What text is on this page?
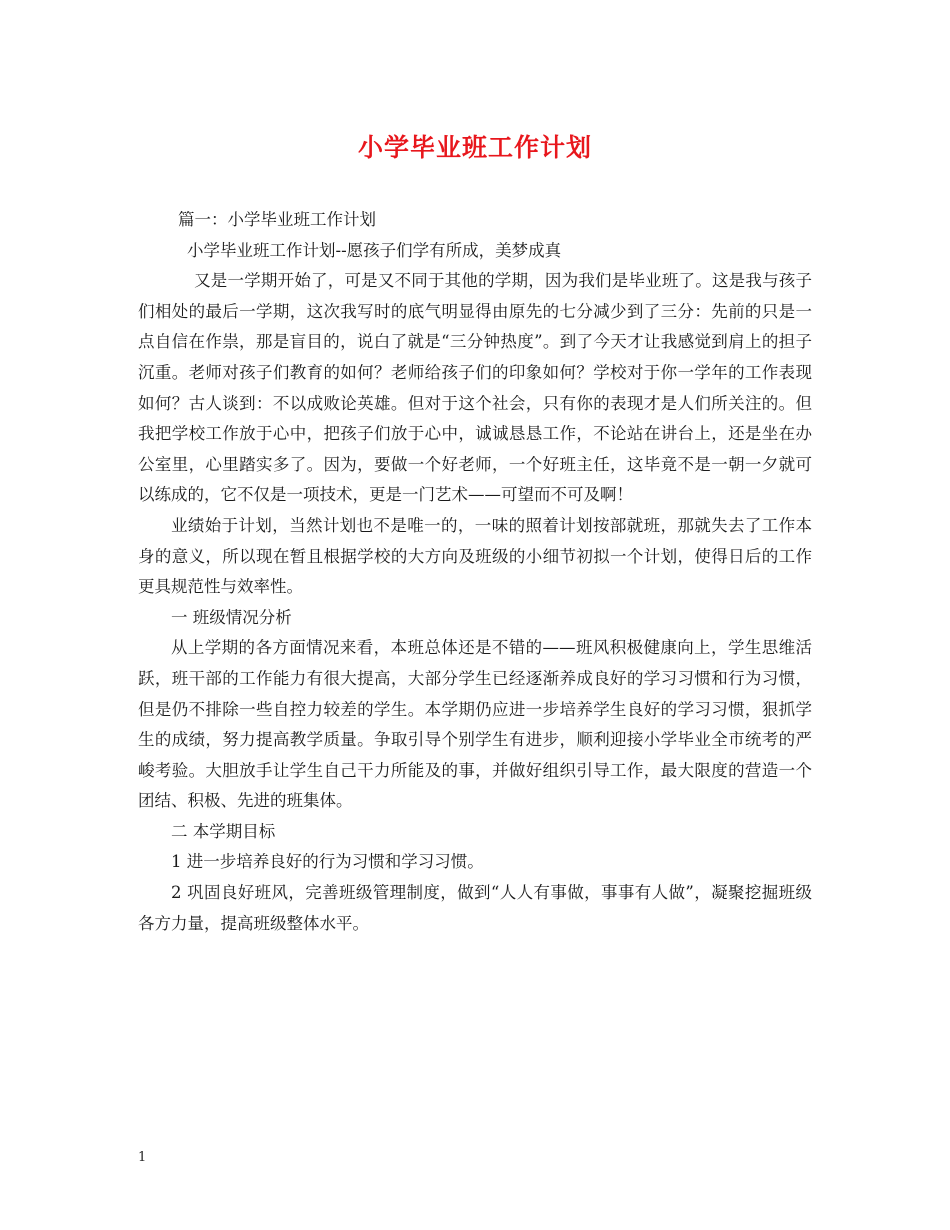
小学毕业班工作计划

篇一：小学毕业班工作计划

小学毕业班工作计划--愿孩子们学有所成，美梦成真

又是一学期开始了，可是又不同于其他的学期，因为我们是毕业班了。这是我与孩子们相处的最后一学期，这次我写时的底气明显得由原先的七分减少到了三分：先前的只是一点自信在作祟，那是盲目的，说白了就是“三分钟热度”。到了今天才让我感觉到肩上的担子沉重。老师对孩子们教育的如何？老师给孩子们的印象如何？学校对于你一学年的工作表现如何？古人谈到：不以成败论英雄。但对于这个社会，只有你的表现才是人们所关注的。但我把学校工作放于心中，把孩子们放于心中，诚诚恳恳工作，不论站在讲台上，还是坐在办公室里，心里踏实多了。因为，要做一个好老师，一个好班主任，这毕竟不是一朝一夕就可以练成的，它不仅是一项技术，更是一门艺术——可望而不可及啊！

业绩始于计划，当然计划也不是唯一的，一味的照着计划按部就班，那就失去了工作本身的意义，所以现在暂且根据学校的大方向及班级的小细节初拟一个计划，使得日后的工作更具规范性与效率性。

一 班级情况分析

从上学期的各方面情况来看，本班总体还是不错的——班风积极健康向上，学生思维活跃，班干部的工作能力有很大提高，大部分学生已经逐渐养成良好的学习习惯和行为习惯，但是仍不排除一些自控力较差的学生。本学期仍应进一步培养学生良好的学习习惯，狠抓学生的成绩，努力提高教学质量。争取引导个别学生有进步，顺利迎接小学毕业全市统考的严峻考验。大胆放手让学生自己干力所能及的事，并做好组织引导工作，最大限度的营造一个团结、积极、先进的班集体。

二 本学期目标

1 进一步培养良好的行为习惯和学习习惯。

2 巩固良好班风，完善班级管理制度，做到“人人有事做，事事有人做”，凝聚挖掘班级各方力量，提高班级整体水平。

1
